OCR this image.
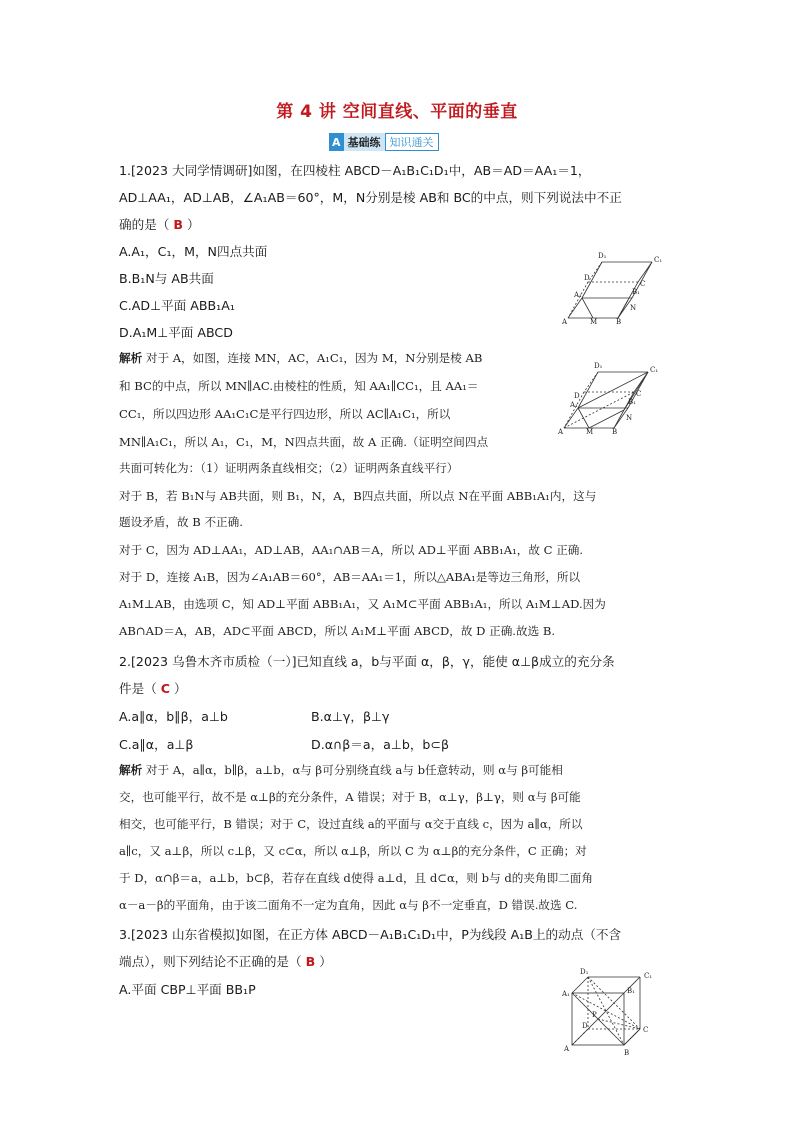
第 4 讲 空间直线、平面的垂直
A 基础练 知识通关
1.[2023 大同学情调研]如图，在四棱柱 ABCD－A₁B₁C₁D₁中，AB＝AD＝AA₁＝1，
AD⊥AA₁，AD⊥AB，∠A₁AB＝60°，M，N分别是棱 AB和 BC的中点，则下列说法中不正
确的是（ B ）
A.A₁，C₁，M，N四点共面
B.B₁N与 AB共面
C.AD⊥平面 ABB₁A₁
D.A₁M⊥平面 ABCD
D₁	C₁
A₁	B₁
A	M	B
N
C
D
解析 对于 A，如图，连接 MN，AC，A₁C₁，因为 M，N分别是棱 AB
和 BC的中点，所以 MN∥AC.由棱柱的性质，知 AA₁∥CC₁，且 AA₁＝
CC₁，所以四边形 AA₁C₁C是平行四边形，所以 AC∥A₁C₁，所以
MN∥A₁C₁，所以 A₁，C₁，M，N四点共面，故 A 正确.（证明空间四点
共面可转化为：（1）证明两条直线相交；（2）证明两条直线平行）
对于 B，若 B₁N与 AB共面，则 B₁，N，A，B四点共面，所以点 N在平面 ABB₁A₁内，这与
题设矛盾，故 B 不正确.
对于 C，因为 AD⊥AA₁，AD⊥AB，AA₁∩AB＝A，所以 AD⊥平面 ABB₁A₁，故 C 正确.
对于 D，连接 A₁B，因为∠A₁AB＝60°，AB＝AA₁＝1，所以△ABA₁是等边三角形，所以
A₁M⊥AB，由选项 C，知 AD⊥平面 ABB₁A₁，又 A₁M⊂平面 ABB₁A₁，所以 A₁M⊥AD.因为
AB∩AD＝A，AB，AD⊂平面 ABCD，所以 A₁M⊥平面 ABCD，故 D 正确.故选 B.
D₁	C₁
A₁	B₁
A	M	B
N
C
D
2.[2023 乌鲁木齐市质检（一）]已知直线 a，b与平面 α，β，γ，能使 α⊥β成立的充分条
件是（ C ）
A.a∥α，b∥β，a⊥b	B.α⊥γ，β⊥γ
C.a∥α，a⊥β	D.α∩β＝a，a⊥b，b⊂β
解析 对于 A，a∥α，b∥β，a⊥b，α与 β可分别绕直线 a与 b任意转动，则 α与 β可能相
交，也可能平行，故不是 α⊥β的充分条件，A 错误；对于 B，α⊥γ，β⊥γ，则 α与 β可能
相交，也可能平行，B 错误；对于 C，设过直线 a的平面与 α交于直线 c，因为 a∥α，所以
a∥c，又 a⊥β，所以 c⊥β，又 c⊂α，所以 α⊥β，所以 C 为 α⊥β的充分条件，C 正确；对
于 D，α∩β＝a，a⊥b，b⊂β，若存在直线 d使得 a⊥d，且 d⊂α，则 b与 d的夹角即二面角
α－a－β的平面角，由于该二面角不一定为直角，因此 α与 β不一定垂直，D 错误.故选 C.
3.[2023 山东省模拟]如图，在正方体 ABCD－A₁B₁C₁D₁中，P为线段 A₁B上的动点（不含
端点），则下列结论不正确的是（ B ）
A.平面 CBP⊥平面 BB₁P
D₁	C₁
A₁	B₁
D	C
P
A	B
